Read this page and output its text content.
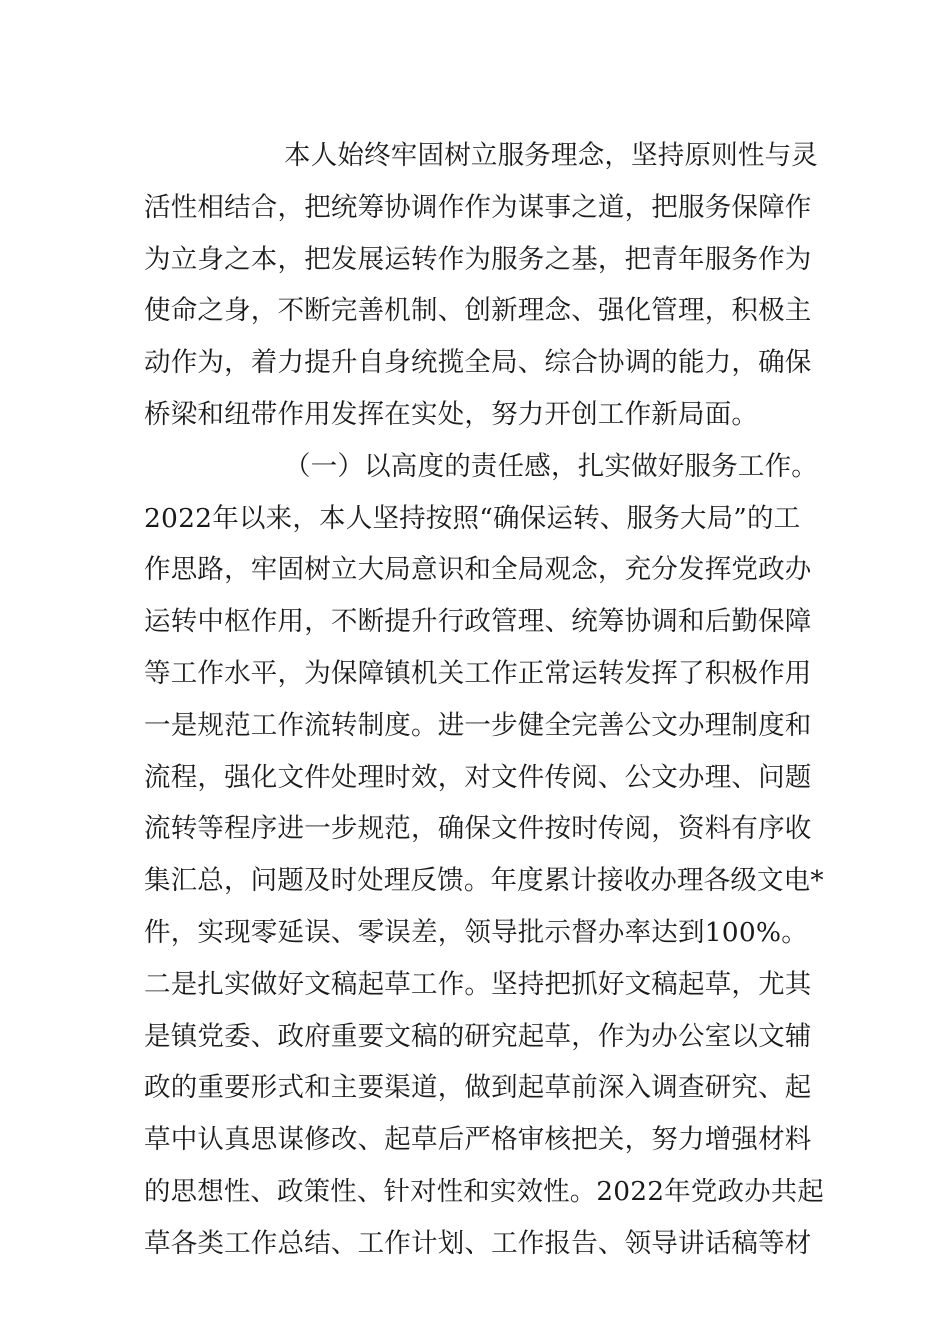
本人始终牢固树立服务理念，坚持原则性与灵
活性相结合，把统筹协调作作为谋事之道，把服务保障作
为立身之本，把发展运转作为服务之基，把青年服务作为
使命之身，不断完善机制、创新理念、强化管理，积极主
动作为，着力提升自身统揽全局、综合协调的能力，确保
桥梁和纽带作用发挥在实处，努力开创工作新局面。
（一）以高度的责任感，扎实做好服务工作。
2022年以来，本人坚持按照“确保运转、服务大局”的工
作思路，牢固树立大局意识和全局观念，充分发挥党政办
运转中枢作用，不断提升行政管理、统筹协调和后勤保障
等工作水平，为保障镇机关工作正常运转发挥了积极作用
一是规范工作流转制度。进一步健全完善公文办理制度和
流程，强化文件处理时效，对文件传阅、公文办理、问题
流转等程序进一步规范，确保文件按时传阅，资料有序收
集汇总，问题及时处理反馈。年度累计接收办理各级文电*
件，实现零延误、零误差，领导批示督办率达到100%。
二是扎实做好文稿起草工作。坚持把抓好文稿起草，尤其
是镇党委、政府重要文稿的研究起草，作为办公室以文辅
政的重要形式和主要渠道，做到起草前深入调查研究、起
草中认真思谋修改、起草后严格审核把关，努力增强材料
的思想性、政策性、针对性和实效性。2022年党政办共起
草各类工作总结、工作计划、工作报告、领导讲话稿等材
